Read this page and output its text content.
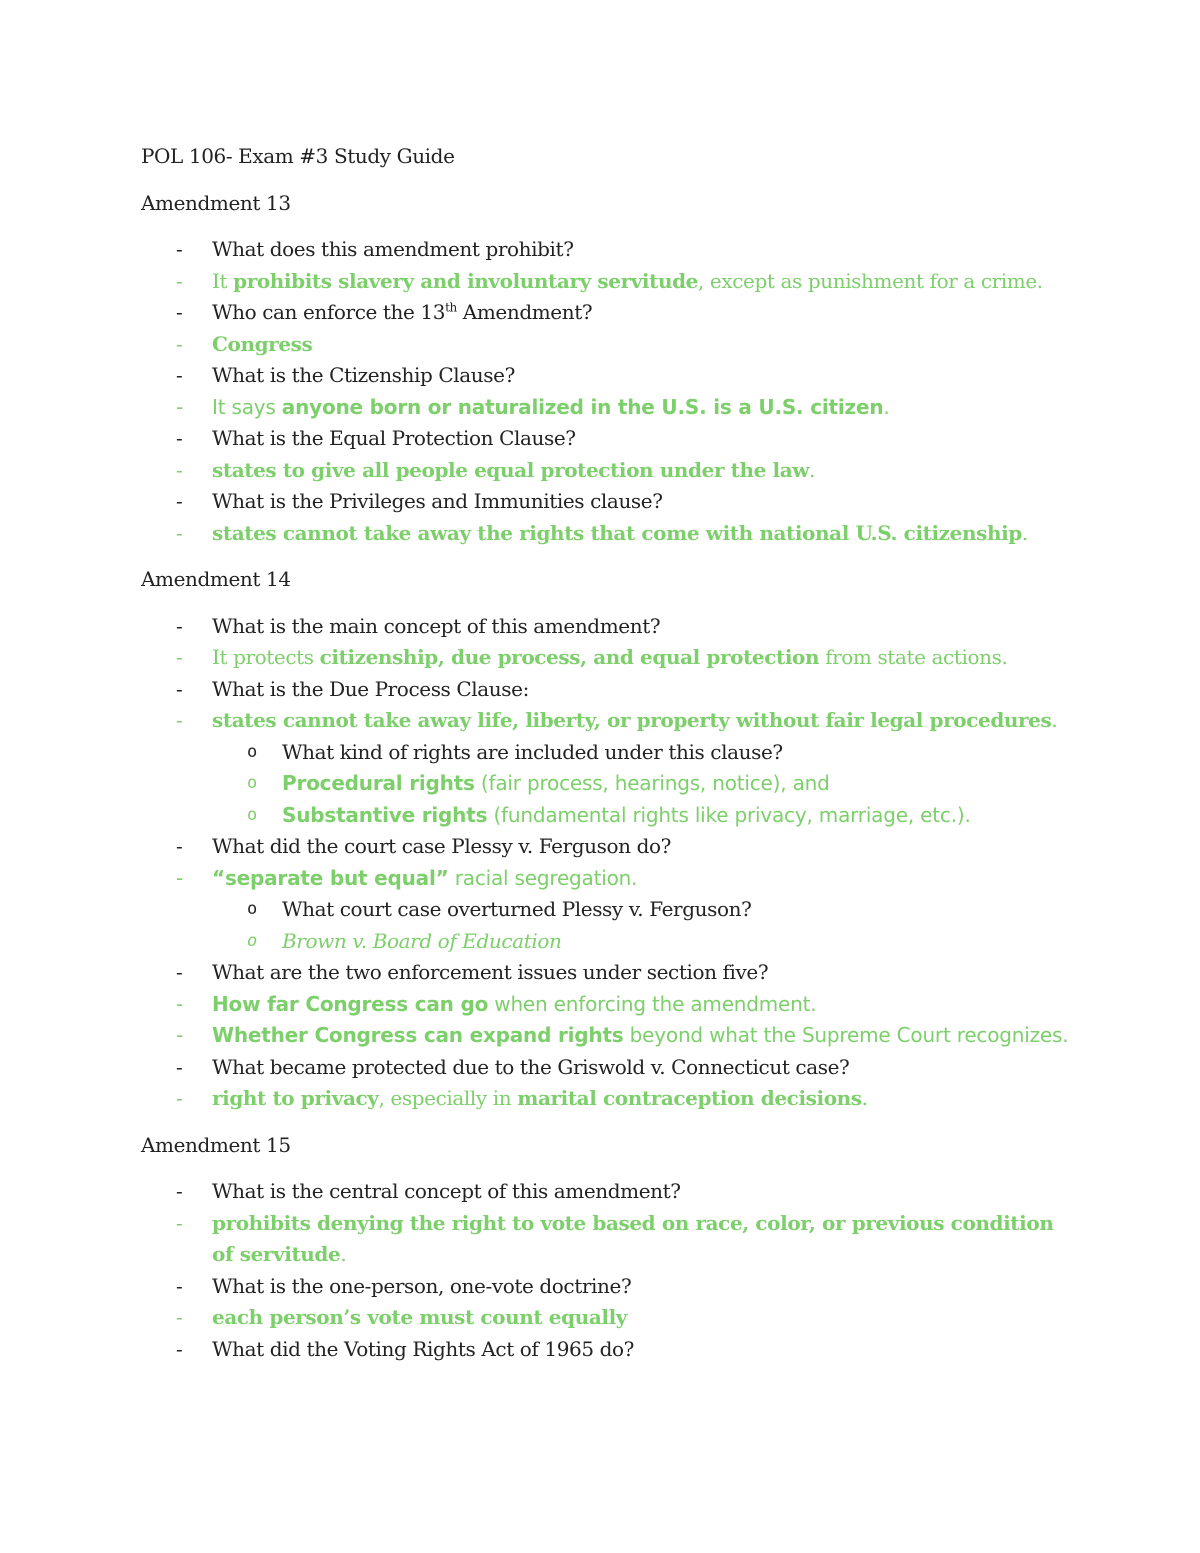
POL 106- Exam #3 Study Guide
Amendment 13
- What does this amendment prohibit?
- It prohibits slavery and involuntary servitude, except as punishment for a crime.
- Who can enforce the 13th Amendment?
- Congress
- What is the Ctizenship Clause?
- It says anyone born or naturalized in the U.S. is a U.S. citizen.
- What is the Equal Protection Clause?
- states to give all people equal protection under the law.
- What is the Privileges and Immunities clause?
- states cannot take away the rights that come with national U.S. citizenship.
Amendment 14
- What is the main concept of this amendment?
- It protects citizenship, due process, and equal protection from state actions.
- What is the Due Process Clause:
- states cannot take away life, liberty, or property without fair legal procedures.
o What kind of rights are included under this clause?
o Procedural rights (fair process, hearings, notice), and
o Substantive rights (fundamental rights like privacy, marriage, etc.).
- What did the court case Plessy v. Ferguson do?
- “separate but equal” racial segregation.
o What court case overturned Plessy v. Ferguson?
o Brown v. Board of Education
- What are the two enforcement issues under section five?
- How far Congress can go when enforcing the amendment.
- Whether Congress can expand rights beyond what the Supreme Court recognizes.
- What became protected due to the Griswold v. Connecticut case?
- right to privacy, especially in marital contraception decisions.
Amendment 15
- What is the central concept of this amendment?
- prohibits denying the right to vote based on race, color, or previous condition of servitude.
- What is the one-person, one-vote doctrine?
- each person’s vote must count equally
- What did the Voting Rights Act of 1965 do?
